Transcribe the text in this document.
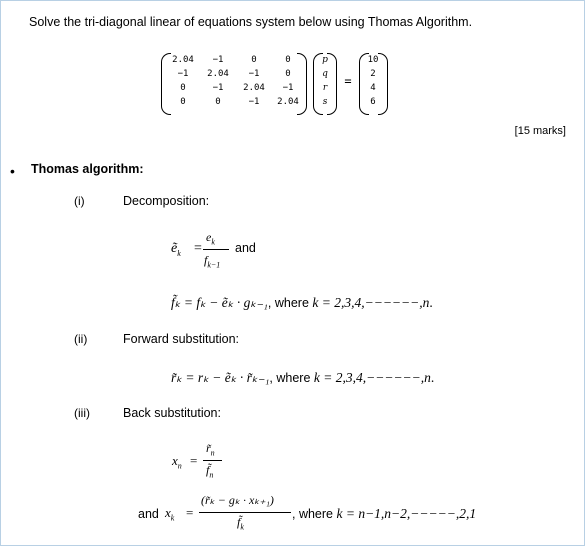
Solve the tri-diagonal linear of equations system below using Thomas Algorithm.
2.04	−1	0	0
−1	2.04	−1	0
0	−1	2.04	−1
0	0	−1	2.04
p
q
r
s
=
10
2
4
6
[15 marks]
• Thomas algorithm:
(i)	Decomposition:
$ẽ_k$ =
$e_k$
$f_{k-1}$
and
f̃ₖ = fₖ − ẽₖ · gₖ₋₁, where k = 2,3,4,−−−−−−,n.
(ii)	Forward substitution:
r̃ₖ = rₖ − ẽₖ · r̃ₖ₋₁, where k = 2,3,4,−−−−−−,n.
(iii)	Back substitution:
$x_n$ =
$r̃_n$
$f̃_n$
and $x_k$ =
(r̃ₖ − gₖ · xₖ₊₁)
$f̃_k$
, where k = n−1,n−2,−−−−−,2,1
